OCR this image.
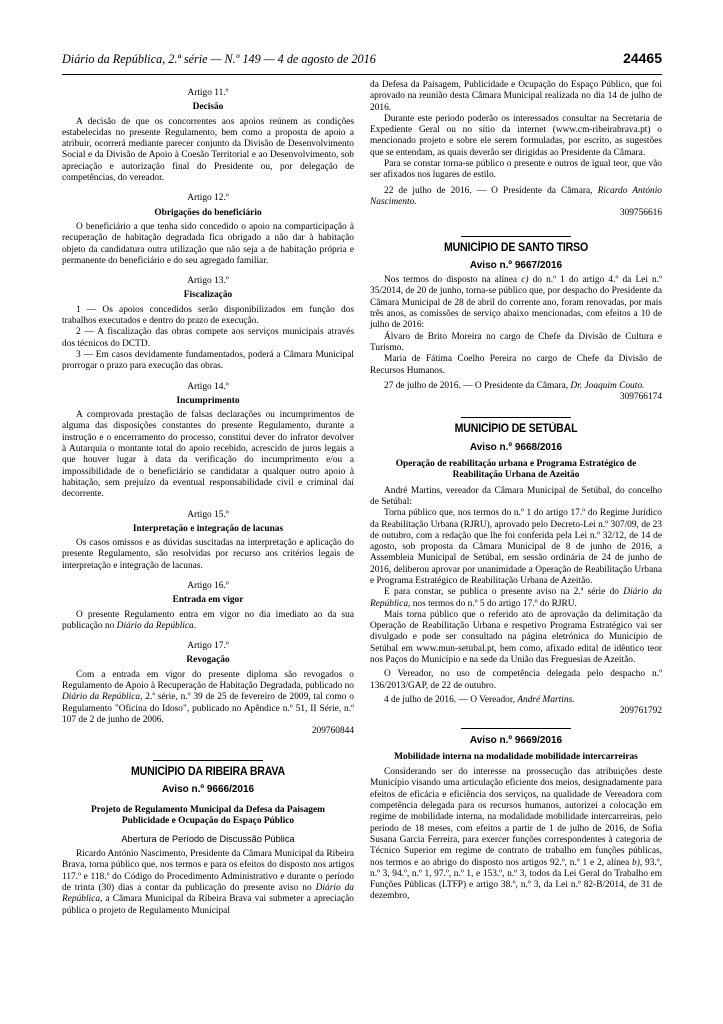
Diário da República, 2.ª série — N.º 149 — 4 de agosto de 2016	24465

Artigo 11.º

Decisão

A decisão de que os concorrentes aos apoios reúnem as condições estabelecidas no presente Regulamento, bem como a proposta de apoio a atribuir, ocorrerá mediante parecer conjunto da Divisão de Desenvolvimento Social e da Divisão de Apoio à Coesão Territorial e ao Desenvolvimento, sob apreciação e autorização final do Presidente ou, por delegação de competências, do vereador.

Artigo 12.º

Obrigações do beneficiário

O beneficiário a que tenha sido concedido o apoio na comparticipação à recuperação de habitação degradada fica obrigado a não dar à habitação objeto da candidatura outra utilização que não seja a de habitação própria e permanente do beneficiário e do seu agregado familiar.

Artigo 13.º

Fiscalização

1 — Os apoios concedidos serão disponibilizados em função dos trabalhos executados e dentro do prazo de execução.

2 — A fiscalização das obras compete aos serviços municipais através dos técnicos do DCTD.

3 — Em casos devidamente fundamentados, poderá a Câmara Municipal prorrogar o prazo para execução das obras.

Artigo 14.º

Incumprimento

A comprovada prestação de falsas declarações ou incumprimentos de alguma das disposições constantes do presente Regulamento, durante a instrução e o encerramento do processo, constitui dever do infrator devolver à Autarquia o montante total do apoio recebido, acrescido de juros legais a que houver lugar à data da verificação do incumprimento e/ou a impossibilidade de o beneficiário se candidatar a qualquer outro apoio à habitação, sem prejuízo da eventual responsabilidade civil e criminal daí decorrente.

Artigo 15.º

Interpretação e integração de lacunas

Os casos omissos e as dúvidas suscitadas na interpretação e aplicação do presente Regulamento, são resolvidas por recurso aos critérios legais de interpretação e integração de lacunas.

Artigo 16.º

Entrada em vigor

O presente Regulamento entra em vigor no dia imediato ao da sua publicação no Diário da República.

Artigo 17.º

Revogação

Com a entrada em vigor do presente diploma são revogados o Regulamento de Apoio à Recuperação de Habitação Degradada, publicado no Diário da República, 2.ª série, n.º 39 de 25 de fevereiro de 2009, tal como o Regulamento "Oficina do Idoso", publicado no Apêndice n.º 51, II Série, n.º 107 de 2 de junho de 2006.

209760844

MUNICÍPIO DA RIBEIRA BRAVA

Aviso n.º 9666/2016

Projeto de Regulamento Municipal da Defesa da Paisagem Publicidade e Ocupação do Espaço Público

Abertura de Período de Discussão Pública

Ricardo António Nascimento, Presidente da Câmara Municipal da Ribeira Brava, torna público que, nos termos e para os efeitos do disposto nos artigos 117.º e 118.º do Código do Procedimento Administrativo e durante o período de trinta (30) dias a contar da publicação do presente aviso no Diário da República, a Câmara Municipal da Ribeira Brava vai submeter a apreciação pública o projeto de Regulamento Municipal

da Defesa da Paisagem, Publicidade e Ocupação do Espaço Público, que foi aprovado na reunião desta Câmara Municipal realizada no dia 14 de julho de 2016.

Durante este período poderão os interessados consultar na Secretaria de Expediente Geral ou no sítio da internet (www.cm-ribeirabrava.pt) o mencionado projeto e sobre ele serem formuladas, por escrito, as sugestões que se entendam, as quais deverão ser dirigidas ao Presidente da Câmara.

Para se constar torna-se público o presente e outros de igual teor, que vão ser afixados nos lugares de estilo.

22 de julho de 2016. — O Presidente da Câmara, Ricardo António Nascimento.

309756616

MUNICÍPIO DE SANTO TIRSO

Aviso n.º 9667/2016

Nos termos do disposto na alínea c) do n.º 1 do artigo 4.º da Lei n.º 35/2014, de 20 de junho, torna-se público que, por despacho do Presidente da Câmara Municipal de 28 de abril do corrente ano, foram renovadas, por mais três anos, as comissões de serviço abaixo mencionadas, com efeitos a 10 de julho de 2016:

Álvaro de Brito Moreira no cargo de Chefe da Divisão de Cultura e Turismo.

Maria de Fátima Coelho Pereira no cargo de Chefe da Divisão de Recursos Humanos.

27 de julho de 2016. — O Presidente da Câmara, Dr. Joaquim Couto.

309766174

MUNICÍPIO DE SETÚBAL

Aviso n.º 9668/2016

Operação de reabilitação urbana e Programa Estratégico de Reabilitação Urbana de Azeitão

André Martins, vereador da Câmara Municipal de Setúbal, do concelho de Setúbal:

Torna público que, nos termos do n.º 1 do artigo 17.º do Regime Jurídico da Reabilitação Urbana (RJRU), aprovado pelo Decreto-Lei n.º 307/09, de 23 de outubro, com a redação que lhe foi conferida pela Lei n.º 32/12, de 14 de agosto, sob proposta da Câmara Municipal de 8 de junho de 2016, a Assembleia Municipal de Setúbal, em sessão ordinária de 24 de junho de 2016, deliberou aprovar por unanimidade a Operação de Reabilitação Urbana e Programa Estratégico de Reabilitação Urbana de Azeitão.

E para constar, se publica o presente aviso na 2.ª série do Diário da República, nos termos do n.º 5 do artigo 17.º do RJRU.

Mais torna público que o referido ato de aprovação da delimitação da Operação de Reabilitação Urbana e respetivo Programa Estratégico vai ser divulgado e pode ser consultado na página eletrónica do Município de Setúbal em www.mun-setubal.pt, bem como, afixado edital de idêntico teor nos Paços do Município e na sede da União das Freguesias de Azeitão.

O Vereador, no uso de competência delegada pelo despacho n.º 136/2013/GAP, de 22 de outubro.

4 de julho de 2016. — O Vereador, André Martins.

209761792

Aviso n.º 9669/2016

Mobilidade interna na modalidade mobilidade intercarreiras

Considerando ser do interesse na prossecução das atribuições deste Município visando uma articulação eficiente dos meios, designadamente para efeitos de eficácia e eficiência dos serviços, na qualidade de Vereadora com competência delegada para os recursos humanos, autorizei a colocação em regime de mobilidade interna, na modalidade mobilidade intercarreiras, pelo período de 18 meses, com efeitos a partir de 1 de julho de 2016, de Sofia Susana Garcia Ferreira, para exercer funções correspondentes à categoria de Técnico Superior em regime de contrato de trabalho em funções públicas, nos termos e ao abrigo do disposto nos artigos 92.º, n.º 1 e 2, alínea b), 93.º, n.º 3, 94.º, n.º 1, 97.º, n.º 1, e 153.º, n.º 3, todos da Lei Geral do Trabalho em Funções Públicas (LTFP) e artigo 38.º, n.º 3, da Lei n.º 82-B/2014, de 31 de dezembro,
